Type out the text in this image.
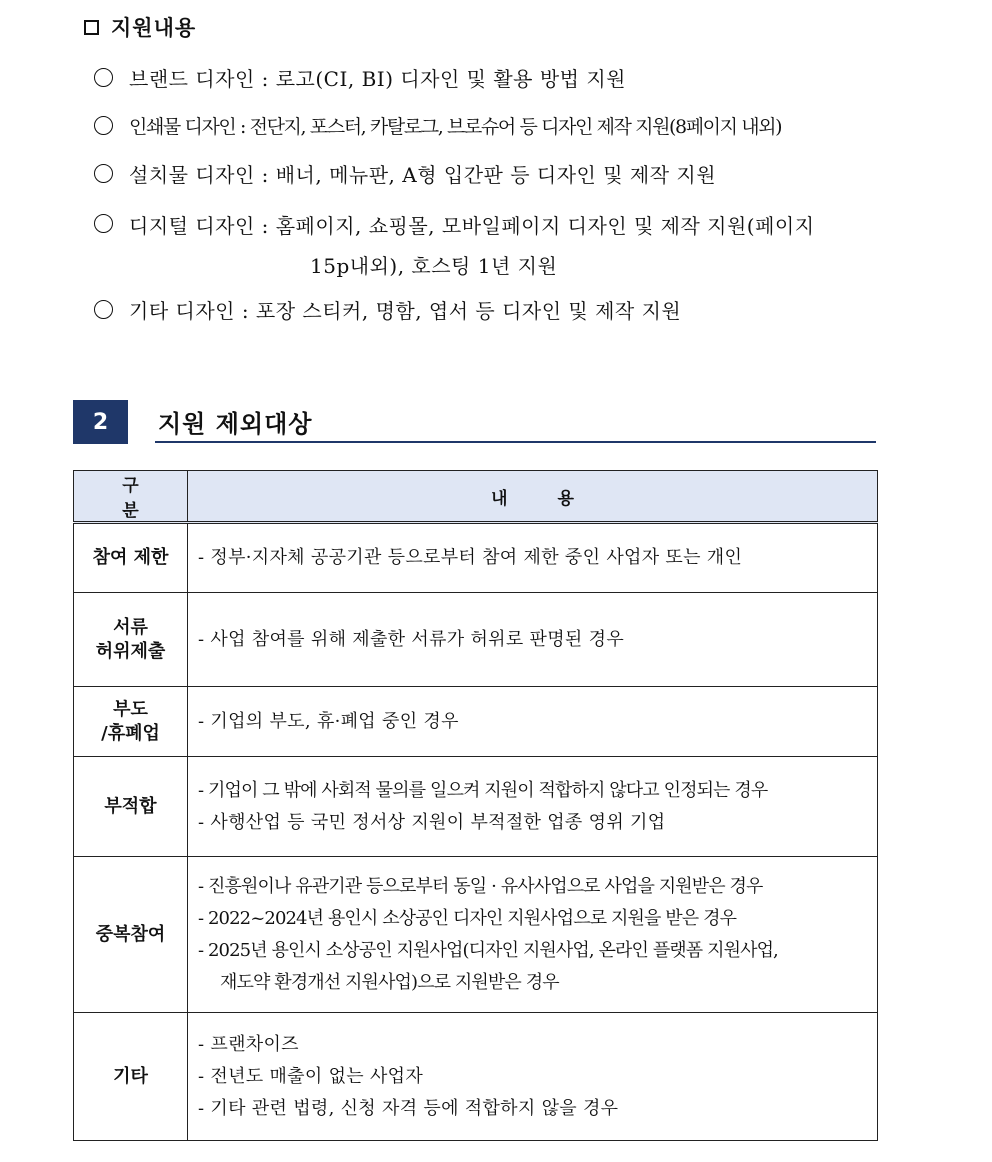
지원내용
브랜드 디자인 : 로고(CI, BI) 디자인 및 활용 방법 지원
인쇄물 디자인 : 전단지, 포스터, 카탈로그, 브로슈어 등 디자인 제작 지원(8페이지 내외)
설치물 디자인 : 배너, 메뉴판, A형 입간판 등 디자인 및 제작 지원
디지털 디자인 : 홈페이지, 쇼핑몰, 모바일페이지 디자인 및 제작 지원(페이지
15p내외), 호스팅 1년 지원
기타 디자인 : 포장 스티커, 명함, 엽서 등 디자인 및 제작 지원
2	지원 제외대상
구분	내용
참여 제한	- 정부·지자체 공공기관 등으로부터 참여 제한 중인 사업자 또는 개인

서류
허위제출	- 사업 참여를 위해 제출한 서류가 허위로 판명된 경우

부도
/휴폐업	- 기업의 부도, 휴·폐업 중인 경우

부적합	- 기업이 그 밖에 사회적 물의를 일으켜 지원이 적합하지 않다고 인정되는 경우
- 사행산업 등 국민 정서상 지원이 부적절한 업종 영위 기업

중복참여	- 진흥원이나 유관기관 등으로부터 동일 · 유사사업으로 사업을 지원받은 경우
- 2022~2024년 용인시 소상공인 디자인 지원사업으로 지원을 받은 경우
- 2025년 용인시 소상공인 지원사업(디자인 지원사업, 온라인 플랫폼 지원사업,
재도약 환경개선 지원사업)으로 지원받은 경우

기타	- 프랜차이즈
- 전년도 매출이 없는 사업자
- 기타 관련 법령, 신청 자격 등에 적합하지 않을 경우
